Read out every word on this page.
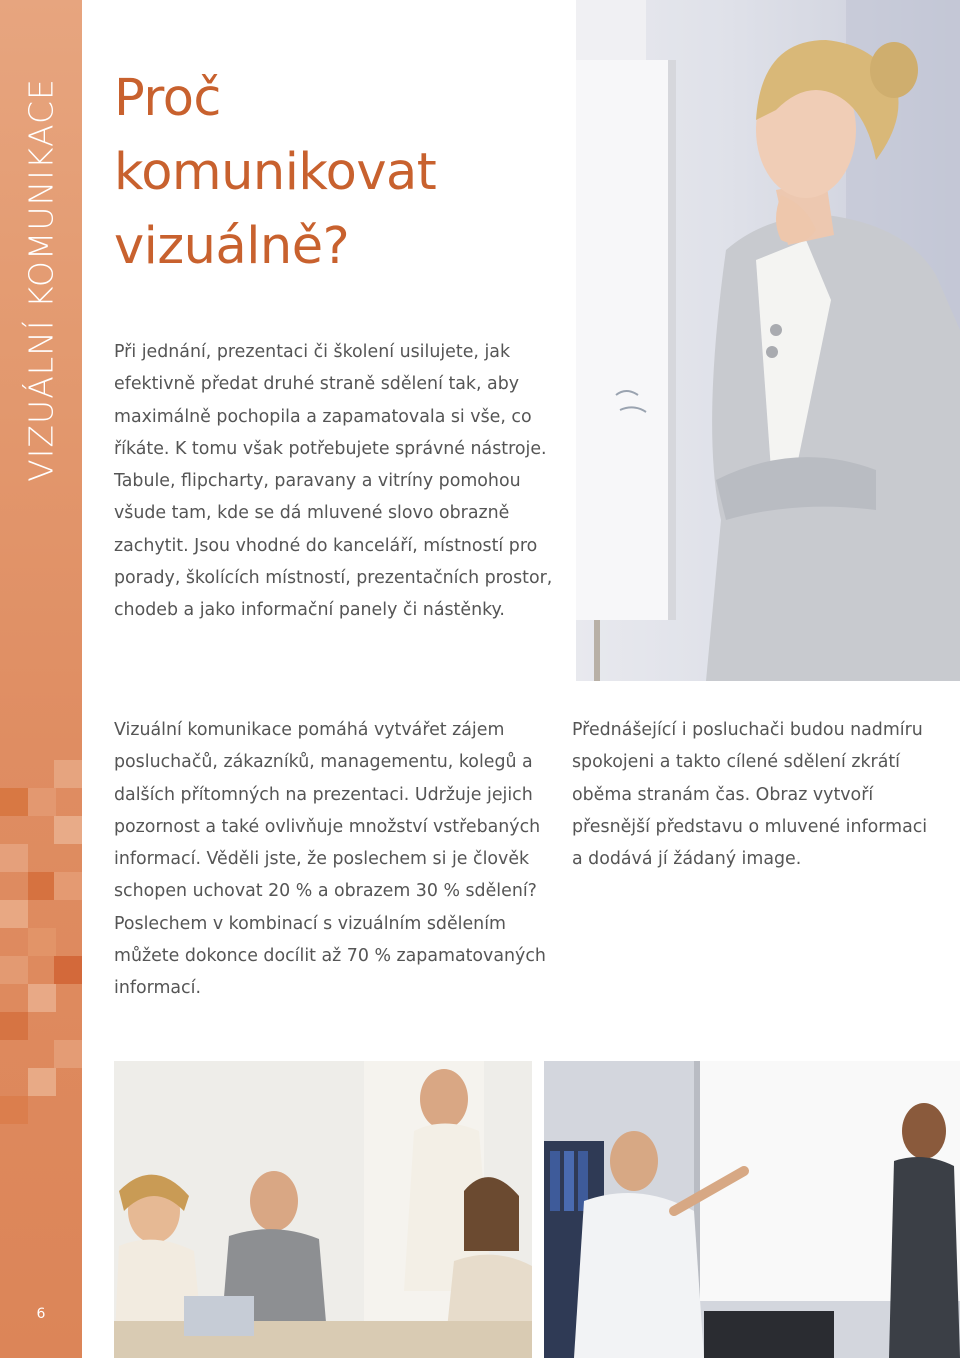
VIZUÁLNÍ KOMUNIKACE
6
Proč
komunikovat
vizuálně?

Při jednání, prezentaci či školení usilujete, jak efektivně předat druhé straně sdělení tak, aby maximálně pochopila a zapamatovala si vše, co říkáte. K tomu však potřebujete správné nástroje. Tabule, flipcharty, paravany a vitríny pomohou všude tam, kde se dá mluvené slovo obrazně zachytit. Jsou vhodné do kanceláří, místností pro porady, školících místností, prezentačních prostor, chodeb a jako informační panely či nástěnky.

Vizuální komunikace pomáhá vytvářet zájem posluchačů, zákazníků, managementu, kolegů a dalších přítomných na prezentaci. Udržuje jejich pozornost a také ovlivňuje množství vstřebaných informací. Věděli jste, že poslechem si je člověk schopen uchovat 20 % a obrazem 30 % sdělení? Poslechem v kombinací s vizuálním sdělením můžete dokonce docílit až 70 % zapamatovaných informací.

Přednášející i posluchači budou nadmíru spokojeni a takto cílené sdělení zkrátí oběma stranám čas. Obraz vytvoří přesnější představu o mluvené informaci a dodává jí žádaný image.
